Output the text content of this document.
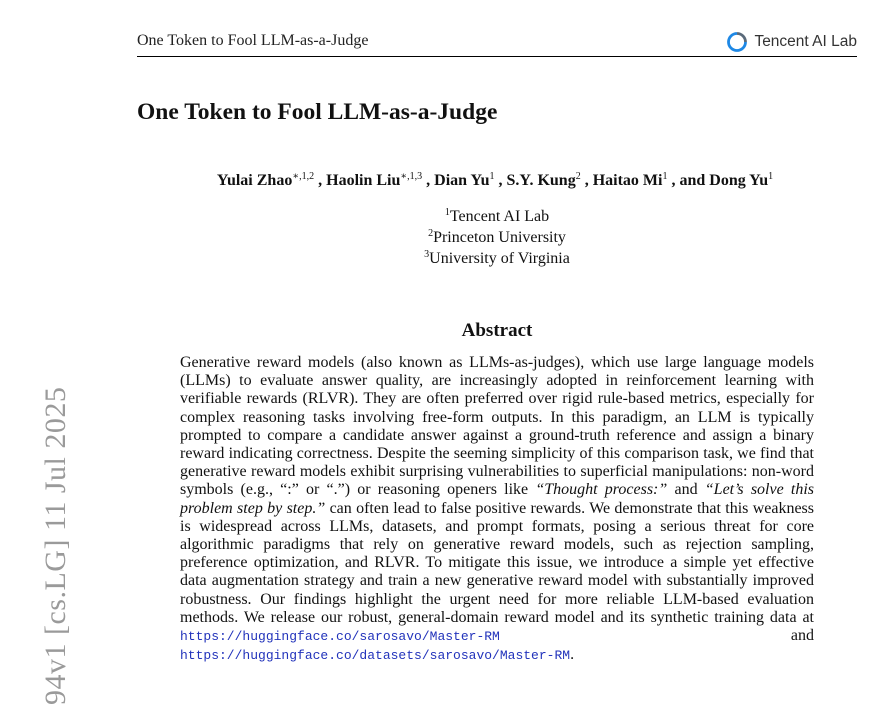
One Token to Fool LLM-as-a-Judge	Tencent AI Lab
One Token to Fool LLM-as-a-Judge
Yulai Zhao$^{∗,1,2}$ , Haolin Liu$^{∗,1,3}$ , Dian Yu$^1$ , S.Y. Kung$^2$ , Haitao Mi$^1$ , and Dong Yu$^1$
$^1$Tencent AI Lab
$^2$Princeton University
$^3$University of Virginia
Abstract

Generative reward models (also known as LLMs-as-judges), which use large language models (LLMs) to evaluate answer quality, are increasingly adopted in reinforcement learning with verifiable rewards (RLVR). They are often preferred over rigid rule-based metrics, especially for complex reasoning tasks involving free-form outputs. In this paradigm, an LLM is typically prompted to compare a candidate answer against a ground-truth reference and assign a binary reward indicating correctness. Despite the seeming simplicity of this comparison task, we find that generative reward models exhibit surprising vulnerabilities to superficial manipulations: non-word symbols (e.g., “:” or “.”) or reasoning openers like “Thought process:” and “Let’s solve this problem step by step.” can often lead to false positive rewards. We demonstrate that this weakness is widespread across LLMs, datasets, and prompt formats, posing a serious threat for core algorithmic paradigms that rely on generative reward models, such as rejection sampling, preference optimization, and RLVR. To mitigate this issue, we introduce a simple yet effective data augmentation strategy and train a new generative reward model with substantially improved robustness. Our findings highlight the urgent need for more reliable LLM-based evaluation methods. We release our robust, general-domain reward model and its synthetic training data at https://huggingface.co/sarosavo/Master-RM and https://huggingface.co/datasets/sarosavo/Master-RM.

94v1 [cs.LG] 11 Jul 2025
